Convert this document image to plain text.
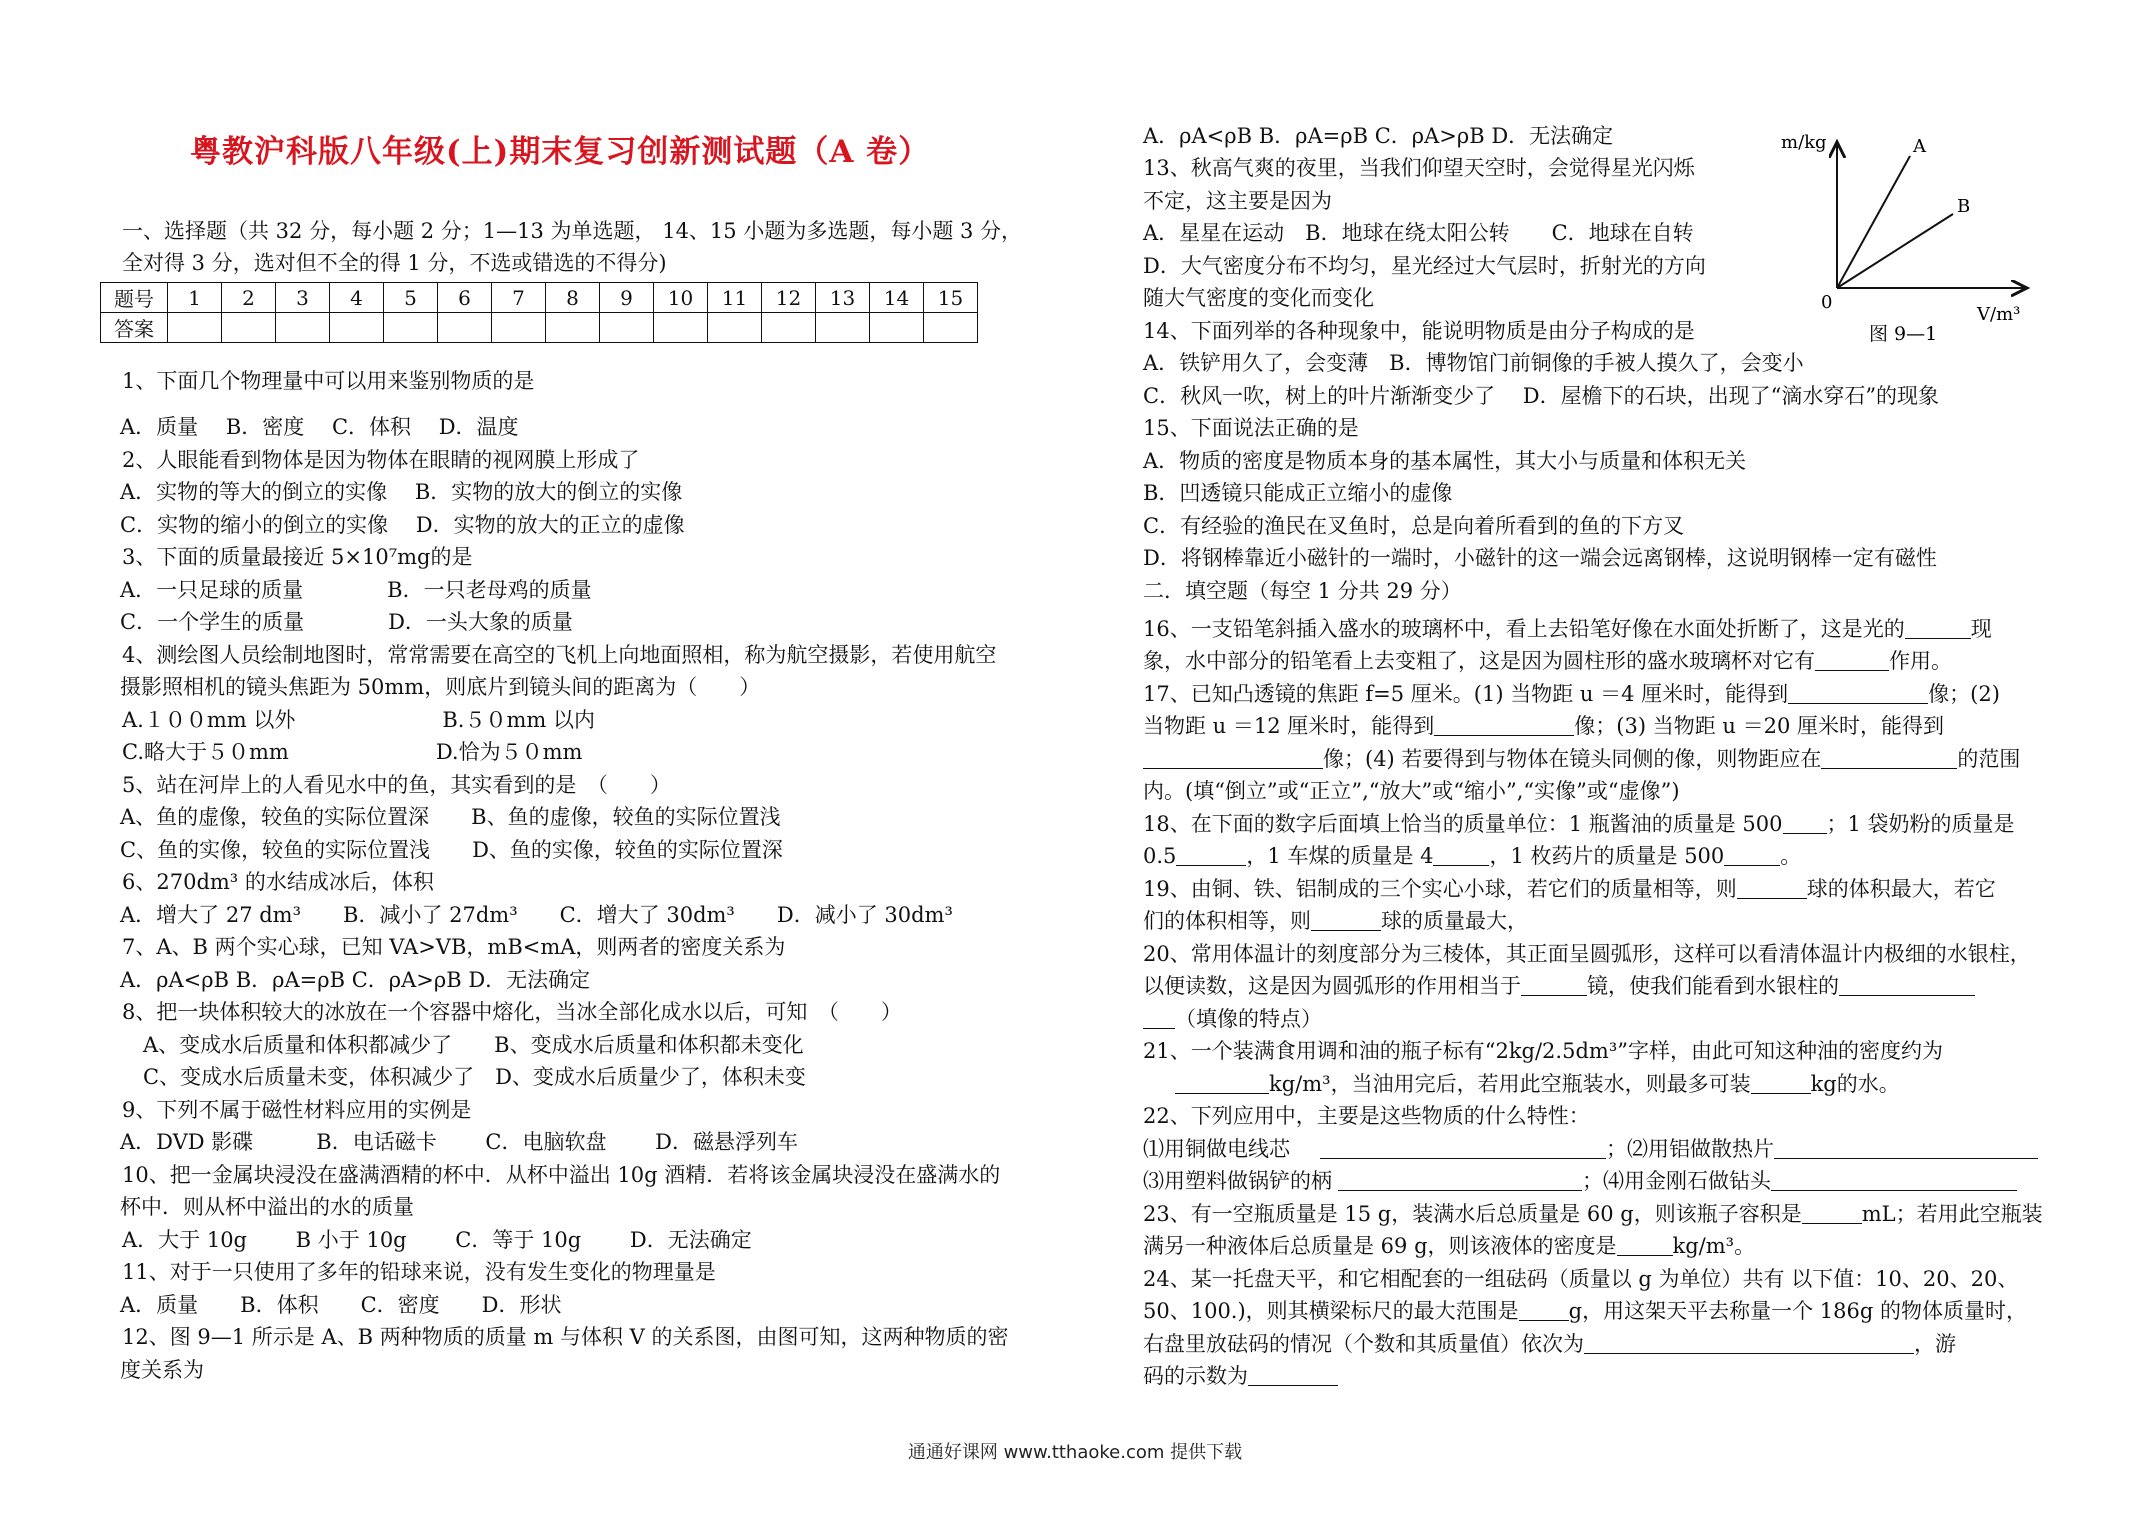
粤教沪科版八年级(上)期末复习创新测试题（A 卷）
一、选择题（共 32 分，每小题 2 分；1—13 为单选题， 14、15 小题为多选题，每小题 3 分，
全对得 3 分，选对但不全的得 1 分，不选或错选的不得分)
题号	1	2	3	4	5	6	7	8	9	10	11	12	13	14	15
答案															
1、下面几个物理量中可以用来鉴别物质的是
A．质量　 B．密度　 C．体积　 D．温度
2、人眼能看到物体是因为物体在眼睛的视网膜上形成了
A．实物的等大的倒立的实像　 B．实物的放大的倒立的实像
C．实物的缩小的倒立的实像　 D．实物的放大的正立的虚像
3、下面的质量最接近 5×10⁷mg的是
A．一只足球的质量　　　　B．一只老母鸡的质量
C．一个学生的质量　　　　D．一头大象的质量
4、测绘图人员绘制地图时，常常需要在高空的飞机上向地面照相，称为航空摄影，若使用航空
摄影照相机的镜头焦距为 50mm，则底片到镜头间的距离为（　　）
A.１００mm 以外　　　　　　　B.５０mm 以内
C.略大于５０mm　　　　　　　D.恰为５０mm
5、站在河岸上的人看见水中的鱼，其实看到的是　（　　）
A、鱼的虚像，较鱼的实际位置深　　B、鱼的虚像，较鱼的实际位置浅
C、鱼的实像，较鱼的实际位置浅　　D、鱼的实像，较鱼的实际位置深
6、270dm³ 的水结成冰后，体积
A．增大了 27 dm³　　B．减小了 27dm³　　C．增大了 30dm³　　D．减小了 30dm³
7、A、B 两个实心球，已知 VA>VB，mB<mA，则两者的密度关系为
A．ρA<ρB B．ρA=ρB C．ρA>ρB D．无法确定
8、把一块体积较大的冰放在一个容器中熔化，当冰全部化成水以后，可知　（　　）
　A、变成水后质量和体积都减少了　　B、变成水后质量和体积都未变化
　C、变成水后质量未变，体积减少了　D、变成水后质量少了，体积未变
9、下列不属于磁性材料应用的实例是
A．DVD 影碟　　　B．电话磁卡　　 C．电脑软盘　　 D．磁悬浮列车
10、把一金属块浸没在盛满酒精的杯中．从杯中溢出 10g 酒精．若将该金属块浸没在盛满水的
杯中．则从杯中溢出的水的质量
A．大于 10g　　 B 小于 10g　　 C．等于 10g　　 D．无法确定
11、对于一只使用了多年的铅球来说，没有发生变化的物理量是
A．质量　　B．体积　　C．密度　　D．形状
12、图 9—1 所示是 A、B 两种物质的质量 m 与体积 V 的关系图，由图可知，这两种物质的密
度关系为
A．ρA<ρB B．ρA=ρB C．ρA>ρB D．无法确定
13、秋高气爽的夜里，当我们仰望天空时，会觉得星光闪烁
不定，这主要是因为
A．星星在运动　B．地球在绕太阳公转　　C．地球在自转
D．大气密度分布不均匀，星光经过大气层时，折射光的方向
随大气密度的变化而变化
14、下面列举的各种现象中，能说明物质是由分子构成的是
A．铁铲用久了，会变薄　B．博物馆门前铜像的手被人摸久了，会变小
C．秋风一吹，树上的叶片渐渐变少了　 D．屋檐下的石块，出现了“滴水穿石”的现象
15、下面说法正确的是
A．物质的密度是物质本身的基本属性，其大小与质量和体积无关
B．凹透镜只能成正立缩小的虚像
C．有经验的渔民在叉鱼时，总是向着所看到的鱼的下方叉
D．将钢棒靠近小磁针的一端时，小磁针的这一端会远离钢棒，这说明钢棒一定有磁性
二．填空题（每空 1 分共 29 分）
16、一支铅笔斜插入盛水的玻璃杯中，看上去铅笔好像在水面处折断了，这是光的	现
象，水中部分的铅笔看上去变粗了，这是因为圆柱形的盛水玻璃杯对它有	作用。
17、已知凸透镜的焦距 f=5 厘米。(1) 当物距 u ＝4 厘米时，能得到	像；(2)
当物距 u ＝12 厘米时，能得到	像；(3) 当物距 u ＝20 厘米时，能得到
像；(4) 若要得到与物体在镜头同侧的像，则物距应在	的范围
内。(填“倒立”或“正立”,“放大”或“缩小”,“实像”或“虚像”)
18、在下面的数字后面填上恰当的质量单位：1 瓶酱油的质量是 500 ；1 袋奶粉的质量是
0.5	，1 车煤的质量是 4	，1 枚药片的质量是 500	。
19、由铜、铁、铝制成的三个实心小球，若它们的质量相等，则	球的体积最大，若它
们的体积相等，则	球的质量最大，
20、常用体温计的刻度部分为三棱体，其正面呈圆弧形，这样可以看清体温计内极细的水银柱，
以便读数，这是因为圆弧形的作用相当于	镜，使我们能看到水银柱的
（填像的特点）
21、一个装满食用调和油的瓶子标有“2kg/2.5dm³”字样，由此可知这种油的密度约为
kg/m³，当油用完后，若用此空瓶装水，则最多可装	kg的水。
22、下列应用中，主要是这些物质的什么特性：
⑴用铜做电线芯	；⑵用铝做散热片
⑶用塑料做锅铲的柄	；⑷用金刚石做钻头
23、有一空瓶质量是 15 g，装满水后总质量是 60 g，则该瓶子容积是	mL；若用此空瓶装
满另一种液体后总质量是 69 g，则该液体的密度是	kg/m³。
24、某一托盘天平，和它相配套的一组砝码（质量以 g 为单位）共有 以下值：10、20、20、
50、100.)，则其横梁标尺的最大范围是 g，用这架天平去称量一个 186g 的物体质量时，
右盘里放砝码的情况（个数和其质量值）依次为	，游
码的示数为
m/kg	A
B
0
V/m³
图 9—1
通通好课网 www.tthaoke.com 提供下载
